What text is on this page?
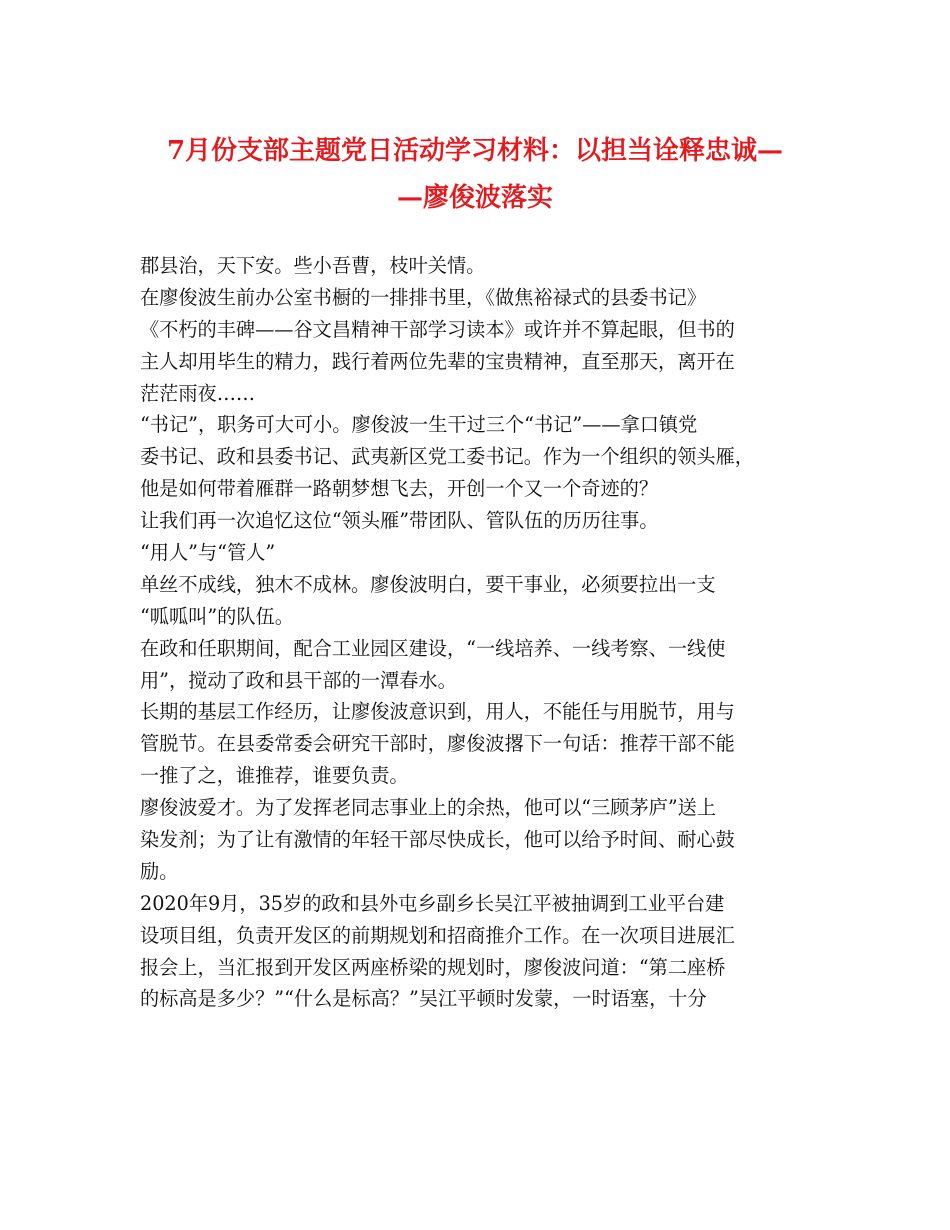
7月份支部主题党日活动学习材料：以担当诠释忠诚—
—廖俊波落实
郡县治，天下安。些小吾曹，枝叶关情。
在廖俊波生前办公室书橱的一排排书里，《做焦裕禄式的县委书记》
《不朽的丰碑——谷文昌精神干部学习读本》或许并不算起眼，但书的
主人却用毕生的精力，践行着两位先辈的宝贵精神，直至那天，离开在
茫茫雨夜……
“书记”，职务可大可小。廖俊波一生干过三个“书记”——拿口镇党
委书记、政和县委书记、武夷新区党工委书记。作为一个组织的领头雁，
他是如何带着雁群一路朝梦想飞去，开创一个又一个奇迹的？
让我们再一次追忆这位“领头雁”带团队、管队伍的历历往事。
“用人”与“管人”
单丝不成线，独木不成林。廖俊波明白，要干事业，必须要拉出一支
“呱呱叫”的队伍。
在政和任职期间，配合工业园区建设，“一线培养、一线考察、一线使
用”，搅动了政和县干部的一潭春水。
长期的基层工作经历，让廖俊波意识到，用人，不能任与用脱节，用与
管脱节。在县委常委会研究干部时，廖俊波撂下一句话：推荐干部不能
一推了之，谁推荐，谁要负责。
廖俊波爱才。为了发挥老同志事业上的余热，他可以“三顾茅庐”送上
染发剂；为了让有激情的年轻干部尽快成长，他可以给予时间、耐心鼓
励。
2020年9月，35岁的政和县外屯乡副乡长吴江平被抽调到工业平台建
设项目组，负责开发区的前期规划和招商推介工作。在一次项目进展汇
报会上，当汇报到开发区两座桥梁的规划时，廖俊波问道：“第二座桥
的标高是多少？”“什么是标高？”吴江平顿时发蒙，一时语塞，十分
